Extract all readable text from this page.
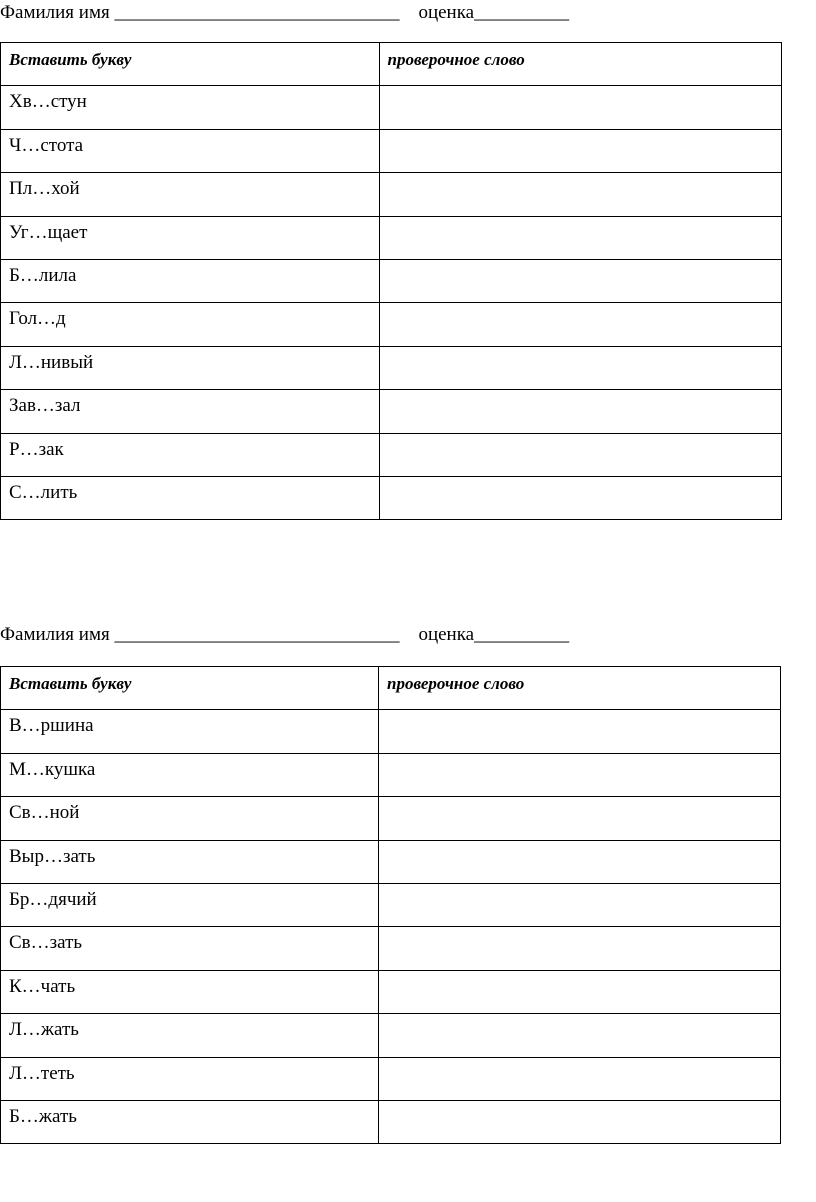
Фамилия имя ______________________________    оценка__________
Вставить букву	проверочное слово
Хв…стун	
Ч…стота	
Пл…хой	
Уг…щает	
Б…лила	
Гол…д	
Л…нивый	
Зав…зал	
Р…зак	
С…лить	
Фамилия имя ______________________________    оценка__________
Вставить букву	проверочное слово
В…ршина	
М…кушка	
Св…ной	
Выр…зать	
Бр…дячий	
Св…зать	
К…чать	
Л…жать	
Л…теть	
Б…жать	
